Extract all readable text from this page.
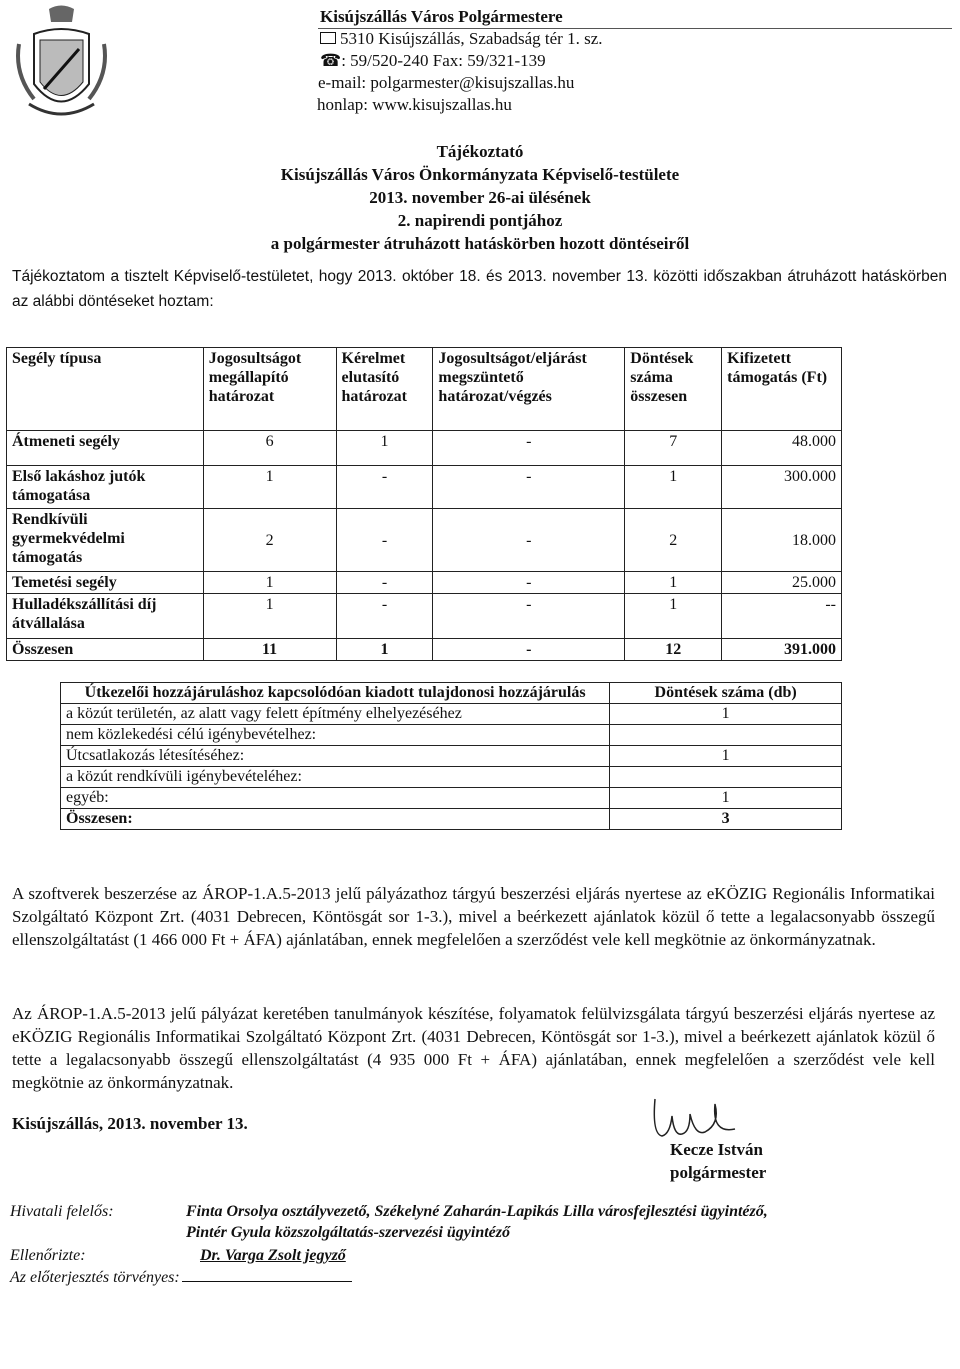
Kisújszállás Város Polgármestere
5310 Kisújszállás, Szabadság tér 1. sz.
☎: 59/520-240 Fax: 59/321-139
e-mail: polgarmester@kisujszallas.hu
honlap: www.kisujszallas.hu
Tájékoztató
Kisújszállás Város Önkormányzata Képviselő-testülete
2013. november 26-ai ülésének
2. napirendi pontjához
a polgármester átruházott hatáskörben hozott döntéseiről
Tájékoztatom a tisztelt Képviselő-testületet, hogy 2013. október 18. és 2013. november 13. közötti időszakban átruházott hatáskörben az alábbi döntéseket hoztam:
Segély típusa	Jogosultságot megállapító határozat	Kérelmet elutasító határozat	Jogosultságot/eljárást megszüntető határozat/végzés	Döntések száma összesen	Kifizetett támogatás (Ft)
Átmeneti segély	6	1	-	7	48.000
Első lakáshoz jutók támogatása	1	-	-	1	300.000
Rendkívüli gyermekvédelmi támogatás	2	-	-	2	18.000
Temetési segély	1	-	-	1	25.000
Hulladékszállítási díj átvállalása	1	-	-	1	--
Összesen	11	1	-	12	391.000
Útkezelői hozzájáruláshoz kapcsolódóan kiadott tulajdonosi hozzájárulás	Döntések száma (db)
a közút területén, az alatt vagy felett építmény elhelyezéséhez	1
nem közlekedési célú igénybevételhez:	
Útcsatlakozás létesítéséhez:	1
a közút rendkívüli igénybevételéhez:	
egyéb:	1
Összesen:	3
A szoftverek beszerzése az ÁROP-1.A.5-2013 jelű pályázathoz tárgyú beszerzési eljárás nyertese az eKÖZIG Regionális Informatikai Szolgáltató Központ Zrt. (4031 Debrecen, Köntösgát sor 1-3.), mivel a beérkezett ajánlatok közül ő tette a legalacsonyabb összegű ellenszolgáltatást (1 466 000 Ft + ÁFA) ajánlatában, ennek megfelelően a szerződést vele kell megkötnie az önkormányzatnak.
Az ÁROP-1.A.5-2013 jelű pályázat keretében tanulmányok készítése, folyamatok felülvizsgálata tárgyú beszerzési eljárás nyertese az eKÖZIG Regionális Informatikai Szolgáltató Központ Zrt. (4031 Debrecen, Köntösgát sor 1-3.), mivel a beérkezett ajánlatok közül ő tette a legalacsonyabb összegű ellenszolgáltatást (4 935 000 Ft + ÁFA) ajánlatában, ennek megfelelően a szerződést vele kell megkötnie az önkormányzatnak.
Kisújszállás, 2013. november 13.
Kecze István
polgármester
Hivatali felelős:	Finta Orsolya osztályvezető, Székelyné Zaharán-Lapikás Lilla városfejlesztési ügyintéző,
Pintér Gyula közszolgáltatás-szervezési ügyintéző
Ellenőrizte:	Dr. Varga Zsolt jegyző
Az előterjesztés törvényes:
